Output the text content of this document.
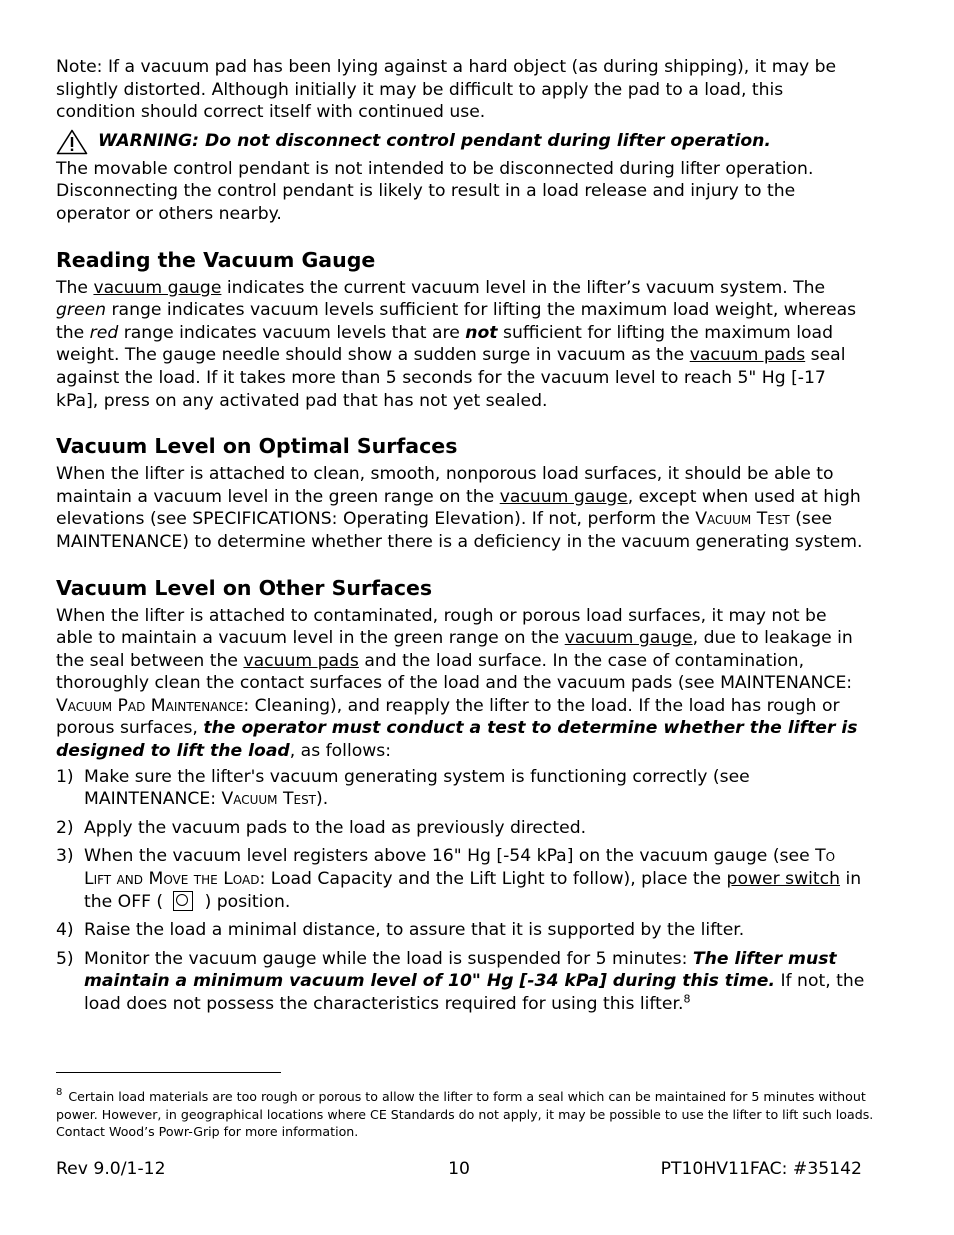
Note: If a vacuum pad has been lying against a hard object (as during shipping), it may be slightly distorted. Although initially it may be difficult to apply the pad to a load, this condition should correct itself with continued use.

WARNING: Do not disconnect control pendant during lifter operation.

The movable control pendant is not intended to be disconnected during lifter operation. Disconnecting the control pendant is likely to result in a load release and injury to the operator or others nearby.

Reading the Vacuum Gauge

The vacuum gauge indicates the current vacuum level in the lifter’s vacuum system. The green range indicates vacuum levels sufficient for lifting the maximum load weight, whereas the red range indicates vacuum levels that are not sufficient for lifting the maximum load weight. The gauge needle should show a sudden surge in vacuum as the vacuum pads seal against the load. If it takes more than 5 seconds for the vacuum level to reach 5" Hg [-17 kPa], press on any activated pad that has not yet sealed.

Vacuum Level on Optimal Surfaces

When the lifter is attached to clean, smooth, nonporous load surfaces, it should be able to maintain a vacuum level in the green range on the vacuum gauge, except when used at high elevations (see SPECIFICATIONS: Operating Elevation). If not, perform the Vacuum Test (see MAINTENANCE) to determine whether there is a deficiency in the vacuum generating system.

Vacuum Level on Other Surfaces

When the lifter is attached to contaminated, rough or porous load surfaces, it may not be able to maintain a vacuum level in the green range on the vacuum gauge, due to leakage in the seal between the vacuum pads and the load surface. In the case of contamination, thoroughly clean the contact surfaces of the load and the vacuum pads (see MAINTENANCE: Vacuum Pad Maintenance: Cleaning), and reapply the lifter to the load. If the load has rough or porous surfaces, the operator must conduct a test to determine whether the lifter is designed to lift the load, as follows:

1) Make sure the lifter's vacuum generating system is functioning correctly (see MAINTENANCE: Vacuum Test).
2) Apply the vacuum pads to the load as previously directed.
3) When the vacuum level registers above 16" Hg [-54 kPa] on the vacuum gauge (see To Lift and Move the Load: Load Capacity and the Lift Light to follow), place the power switch in the OFF ( ) position.
4) Raise the load a minimal distance, to assure that it is supported by the lifter.
5) Monitor the vacuum gauge while the load is suspended for 5 minutes: The lifter must maintain a minimum vacuum level of 10" Hg [-34 kPa] during this time. If not, the load does not possess the characteristics required for using this lifter.$^8$

$^8$ Certain load materials are too rough or porous to allow the lifter to form a seal which can be maintained for 5 minutes without power. However, in geographical locations where CE Standards do not apply, it may be possible to use the lifter to lift such loads. Contact Wood’s Powr-Grip for more information.

10
Rev 9.0/1-12	PT10HV11FAC: #35142
